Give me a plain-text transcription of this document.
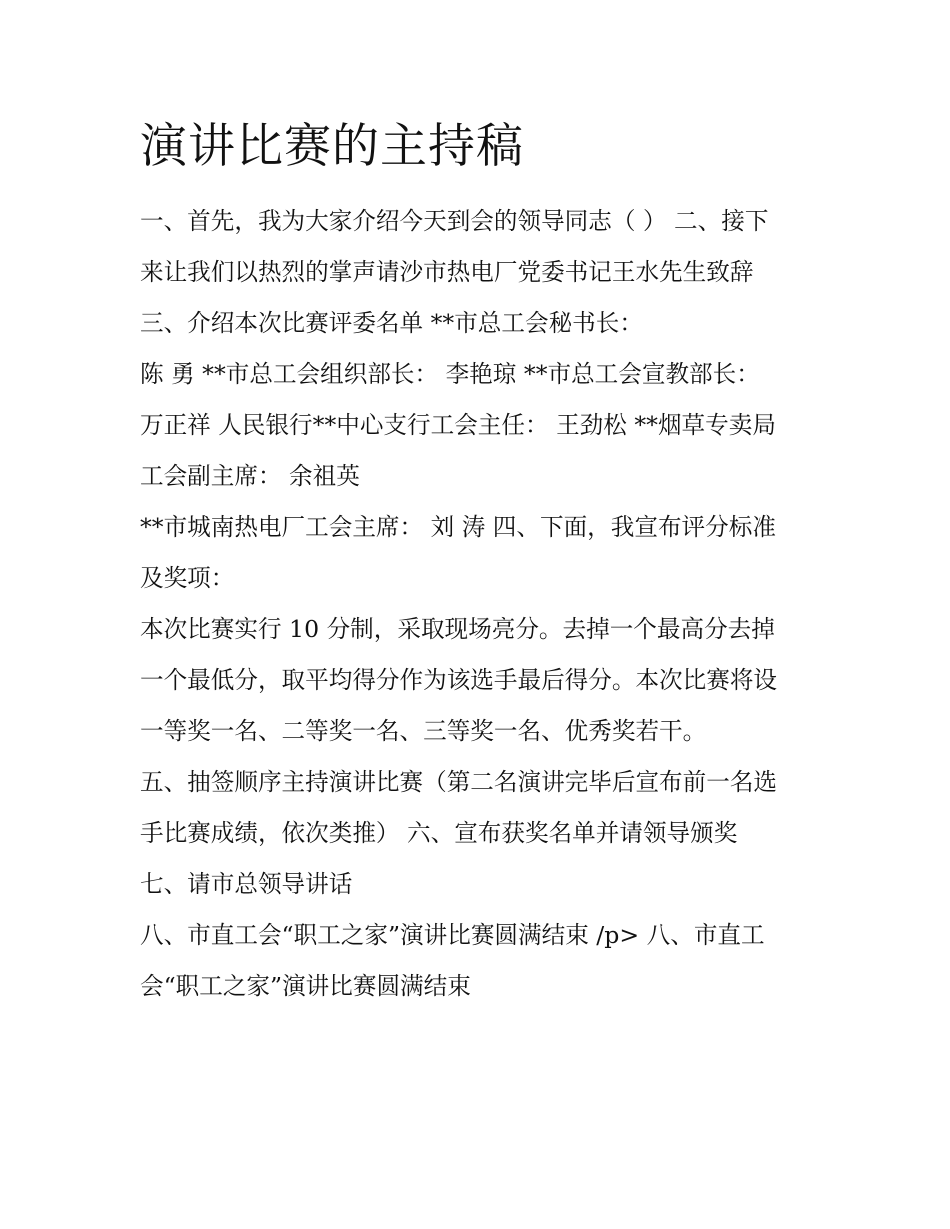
演讲比赛的主持稿
一、首先，我为大家介绍今天到会的领导同志（ ） 二、接下
来让我们以热烈的掌声请沙市热电厂党委书记王水先生致辞
三、介绍本次比赛评委名单 **市总工会秘书长：
陈 勇 **市总工会组织部长： 李艳琼 **市总工会宣教部长：
万正祥 人民银行**中心支行工会主任： 王劲松 **烟草专卖局
工会副主席： 余祖英
**市城南热电厂工会主席： 刘 涛 四、下面，我宣布评分标准
及奖项：
本次比赛实行 10 分制，采取现场亮分。去掉一个最高分去掉
一个最低分，取平均得分作为该选手最后得分。本次比赛将设
一等奖一名、二等奖一名、三等奖一名、优秀奖若干。
五、抽签顺序主持演讲比赛（第二名演讲完毕后宣布前一名选
手比赛成绩，依次类推） 六、宣布获奖名单并请领导颁奖
七、请市总领导讲话
八、市直工会“职工之家”演讲比赛圆满结束 /p> 八、市直工
会“职工之家”演讲比赛圆满结束
